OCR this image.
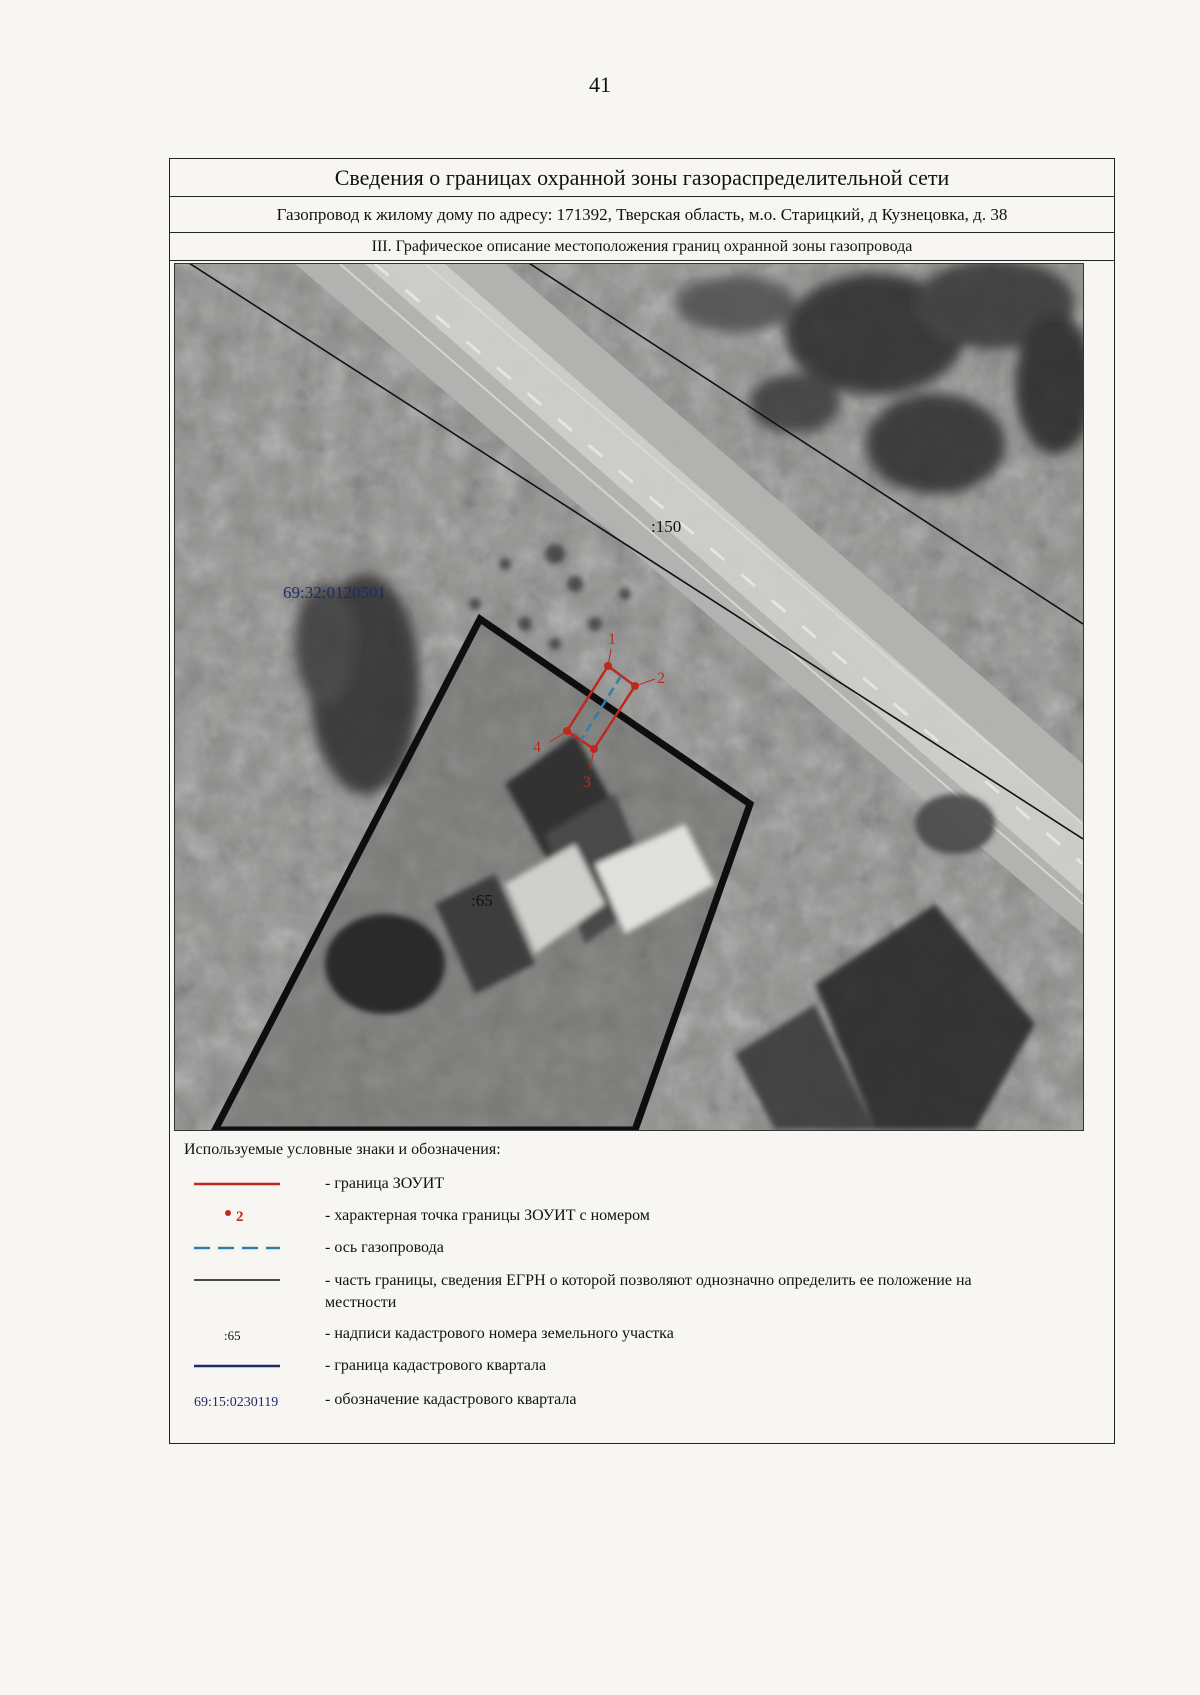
41
Сведения о границах охранной зоны газораспределительной сети
Газопровод к жилому дому по адресу: 171392, Тверская область, м.о. Старицкий, д Кузнецовка, д. 38
III. Графическое описание местоположения границ охранной зоны газопровода
1
2
3
4
:150
:65
69:32:0120501
Используемые условные знаки и обозначения:
- граница ЗОУИТ
2	- характерная точка границы ЗОУИТ с номером
- ось газопровода
- часть границы, сведения ЕГРН о которой позволяют однозначно определить ее положение на местности
:65	- надписи кадастрового номера земельного участка
- граница кадастрового квартала
69:15:0230119	- обозначение кадастрового квартала
